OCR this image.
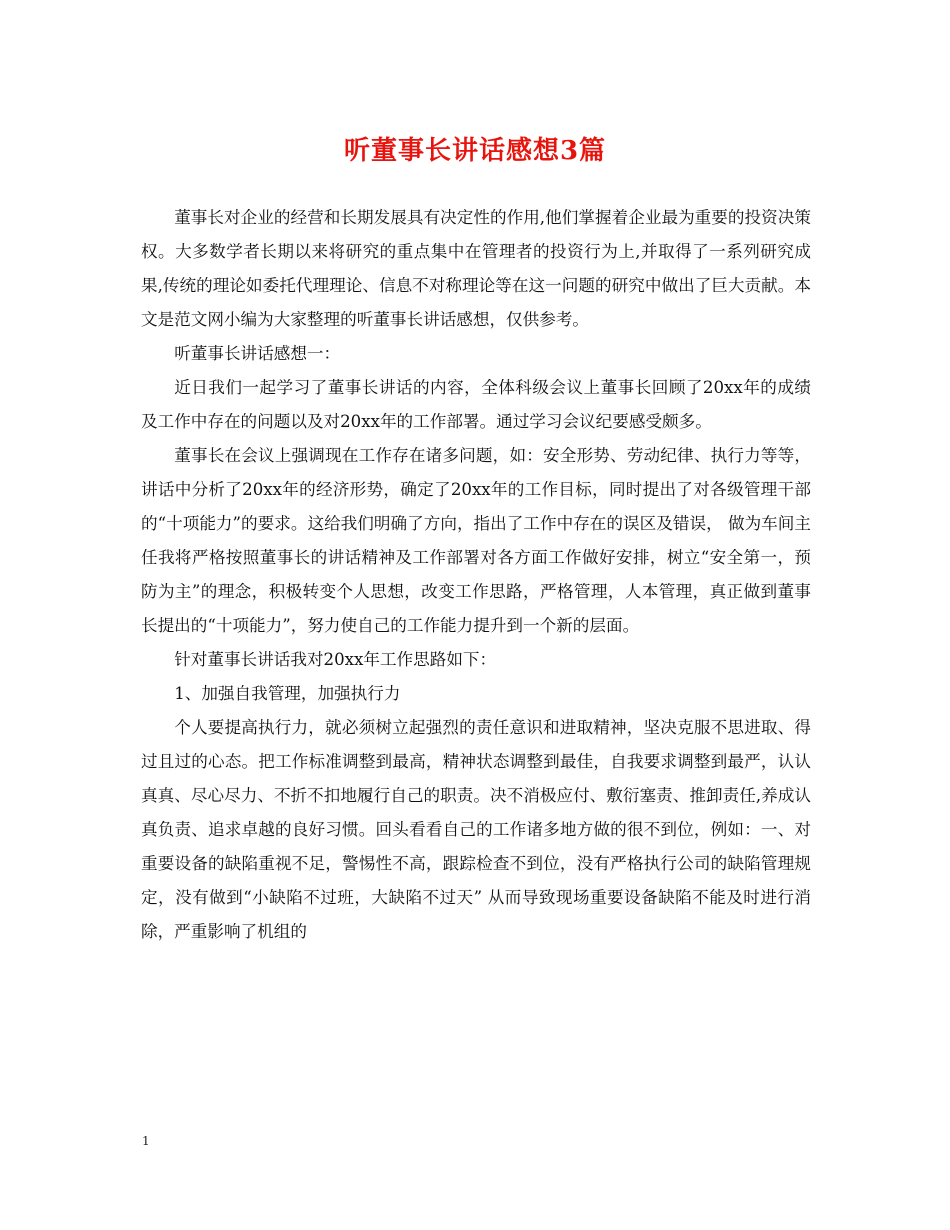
听董事长讲话感想3篇

董事长对企业的经营和长期发展具有决定性的作用,他们掌握着企业最为重要的投资决策权。大多数学者长期以来将研究的重点集中在管理者的投资行为上,并取得了一系列研究成果,传统的理论如委托代理理论、信息不对称理论等在这一问题的研究中做出了巨大贡献。本文是范文网小编为大家整理的听董事长讲话感想，仅供参考。

听董事长讲话感想一：

近日我们一起学习了董事长讲话的内容，全体科级会议上董事长回顾了20xx年的成绩及工作中存在的问题以及对20xx年的工作部署。通过学习会议纪要感受颇多。

董事长在会议上强调现在工作存在诸多问题，如：安全形势、劳动纪律、执行力等等，讲话中分析了20xx年的经济形势，确定了20xx年的工作目标，同时提出了对各级管理干部的“十项能力”的要求。这给我们明确了方向，指出了工作中存在的误区及错误， 做为车间主任我将严格按照董事长的讲话精神及工作部署对各方面工作做好安排，树立“安全第一，预防为主”的理念，积极转变个人思想，改变工作思路，严格管理，人本管理，真正做到董事长提出的“十项能力”，努力使自己的工作能力提升到一个新的层面。

针对董事长讲话我对20xx年工作思路如下：

1、加强自我管理，加强执行力

个人要提高执行力，就必须树立起强烈的责任意识和进取精神，坚决克服不思进取、得过且过的心态。把工作标准调整到最高，精神状态调整到最佳，自我要求调整到最严，认认真真、尽心尽力、不折不扣地履行自己的职责。决不消极应付、敷衍塞责、推卸责任,养成认真负责、追求卓越的良好习惯。回头看看自己的工作诸多地方做的很不到位，例如：一、对重要设备的缺陷重视不足，警惕性不高，跟踪检查不到位，没有严格执行公司的缺陷管理规定，没有做到“小缺陷不过班，大缺陷不过天” 从而导致现场重要设备缺陷不能及时进行消除，严重影响了机组的

1
